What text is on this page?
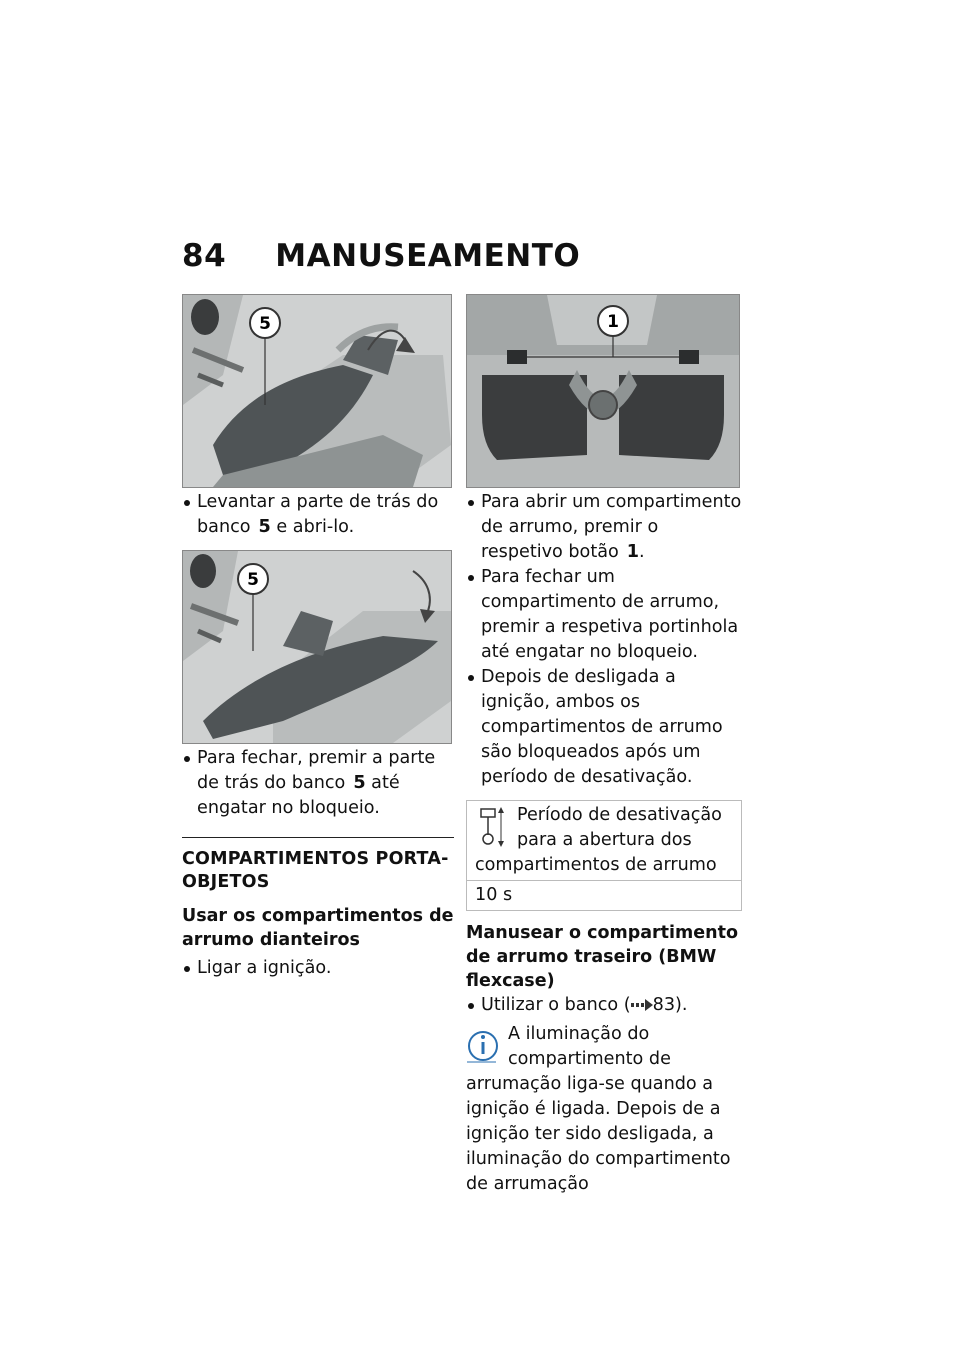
84 MANUSEAMENTO
5

Levantar a parte de trás do banco 5 e abri-lo.

5

Para fechar, premir a parte de trás do banco 5 até engatar no bloqueio.

COMPARTIMENTOS PORTA-OBJETOS
Usar os compartimentos de arrumo dianteiros

Ligar a ignição.

1

Para abrir um compartimento de arrumo, premir o respetivo botão 1.

Para fechar um compartimento de arrumo, premir a respetiva portinhola até engatar no bloqueio.

Depois de desligada a ignição, ambos os compartimentos de arrumo são bloqueados após um período de desativação.

Período de desativação para a abertura dos compartimentos de arrumo
10 s
Manusear o compartimento de arrumo traseiro (BMW flexcase)

Utilizar o banco ( 83).

A iluminação do compartimento de arrumação liga-se quando a ignição é ligada. Depois de a ignição ter sido desligada, a iluminação do compartimento de arrumação
